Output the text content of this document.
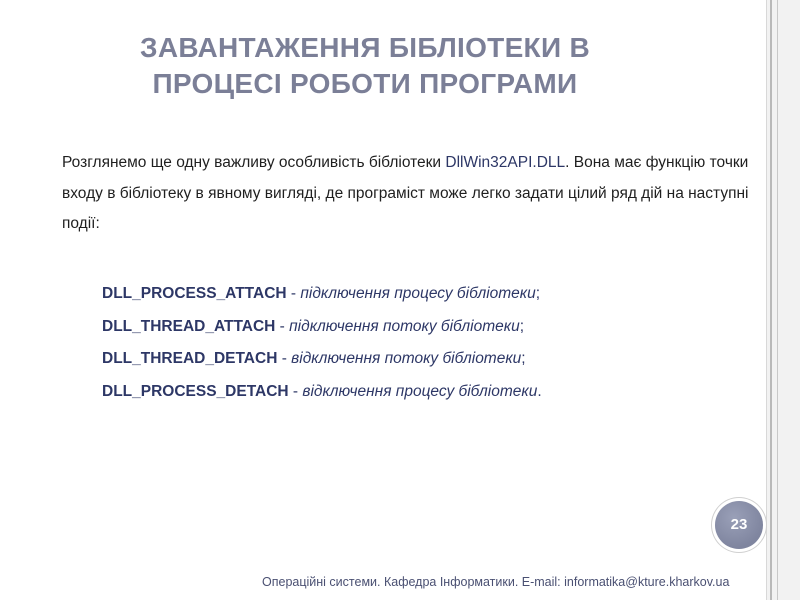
ЗАВАНТАЖЕННЯ БІБЛІОТЕКИ В
ПРОЦЕСІ РОБОТИ ПРОГРАМИ
Розглянемо ще одну важливу особливість бібліотеки DllWin32API.DLL. Вона має функцію точки входу в бібліотеку в явному вигляді, де програміст може легко задати цілий ряд дій на наступні події:
DLL_PROCESS_ATTACH - підключення процесу бібліотеки;
DLL_THREAD_ATTACH - підключення потоку бібліотеки;
DLL_THREAD_DETACH - відключення потоку бібліотеки;
DLL_PROCESS_DETACH - відключення процесу бібліотеки.
23
Операційні системи. Кафедра Інформатики. E-mail: informatika@kture.kharkov.ua
